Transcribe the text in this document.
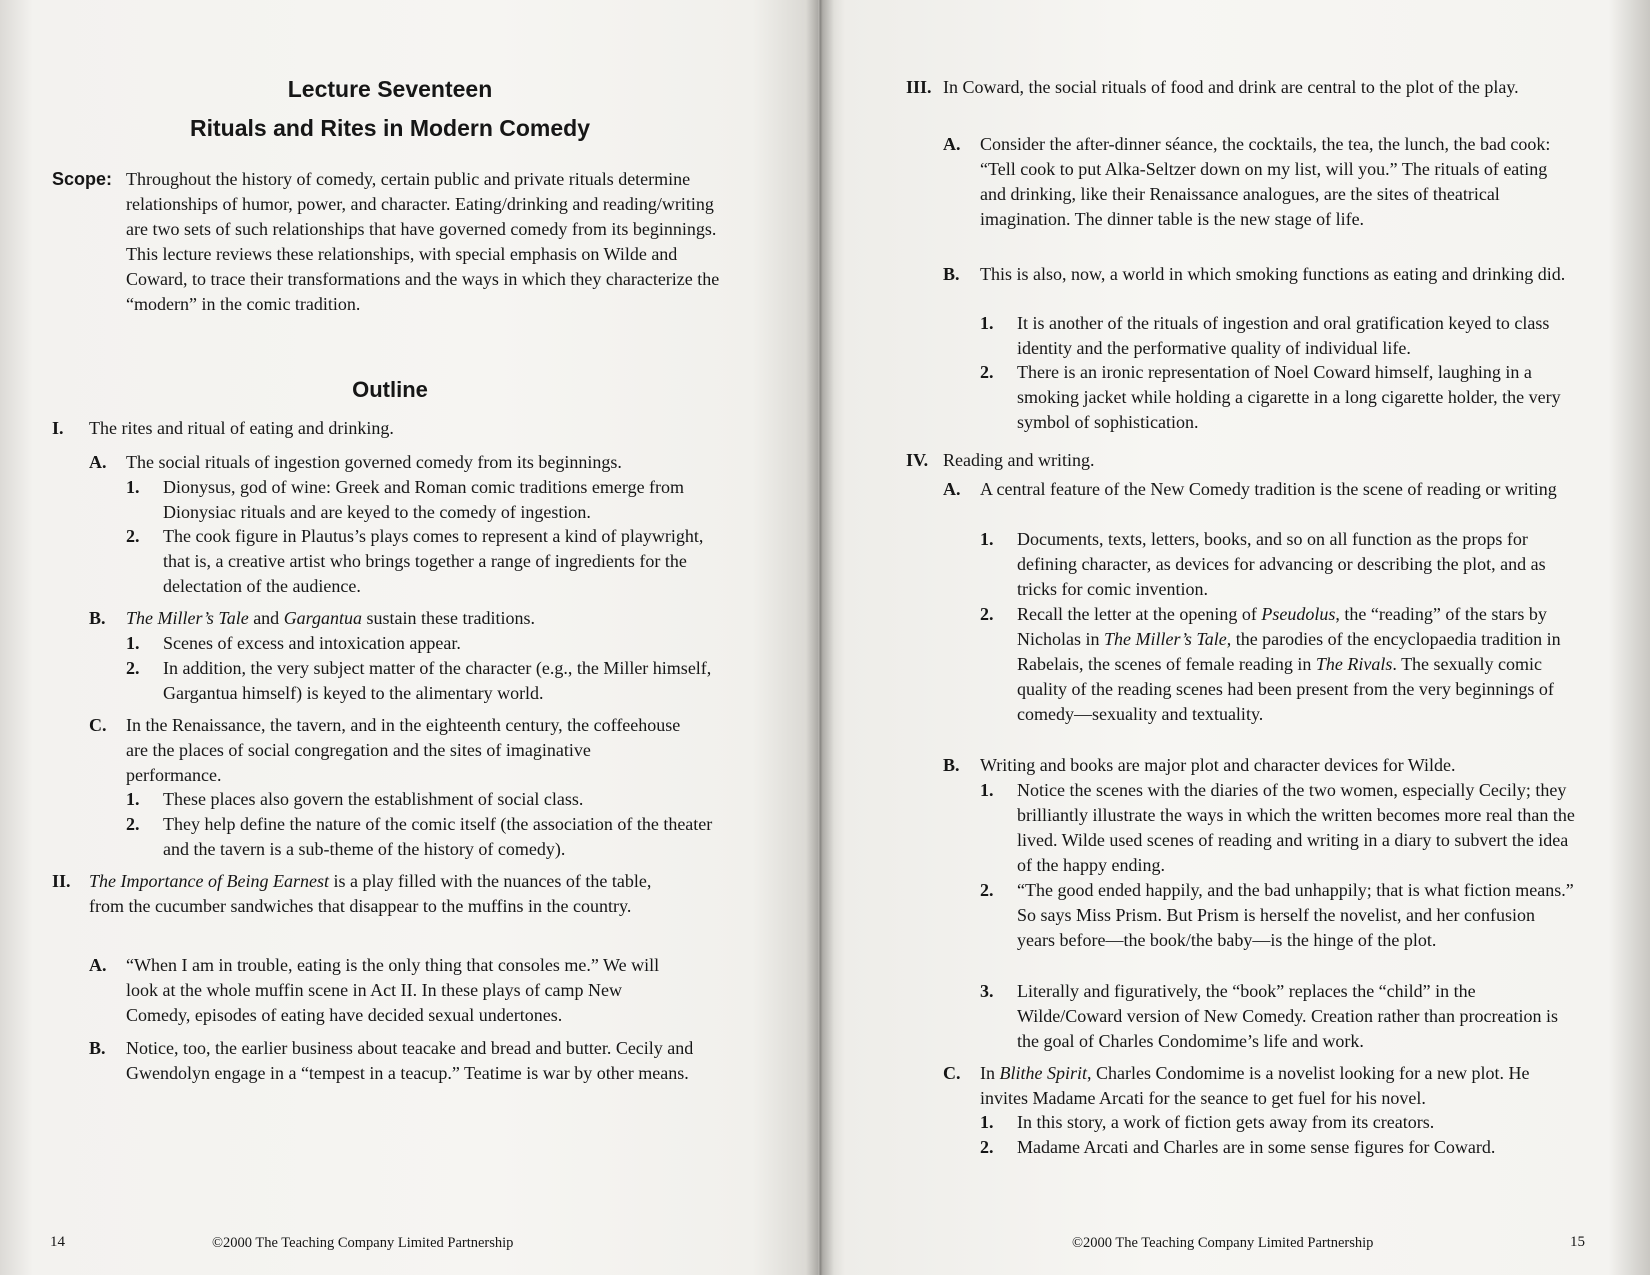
Lecture Seventeen
Rituals and Rites in Modern Comedy
Scope: Throughout the history of comedy, certain public and private rituals determine relationships of humor, power, and character. Eating/drinking and reading/writing are two sets of such relationships that have governed comedy from its beginnings. This lecture reviews these relationships, with special emphasis on Wilde and Coward, to trace their transformations and the ways in which they characterize the “modern” in the comic tradition.
Outline
I. The rites and ritual of eating and drinking.
A. The social rituals of ingestion governed comedy from its beginnings.
1. Dionysus, god of wine: Greek and Roman comic traditions emerge from Dionysiac rituals and are keyed to the comedy of ingestion.
2. The cook figure in Plautus’s plays comes to represent a kind of playwright, that is, a creative artist who brings together a range of ingredients for the delectation of the audience.
B. The Miller’s Tale and Gargantua sustain these traditions.
1. Scenes of excess and intoxication appear.
2. In addition, the very subject matter of the character (e.g., the Miller himself, Gargantua himself) is keyed to the alimentary world.
C. In the Renaissance, the tavern, and in the eighteenth century, the coffeehouse are the places of social congregation and the sites of imaginative performance.
1. These places also govern the establishment of social class.
2. They help define the nature of the comic itself (the association of the theater and the tavern is a sub-theme of the history of comedy).
II. The Importance of Being Earnest is a play filled with the nuances of the table, from the cucumber sandwiches that disappear to the muffins in the country.
A. “When I am in trouble, eating is the only thing that consoles me.” We will look at the whole muffin scene in Act II. In these plays of camp New Comedy, episodes of eating have decided sexual undertones.
B. Notice, too, the earlier business about teacake and bread and butter. Cecily and Gwendolyn engage in a “tempest in a teacup.” Teatime is war by other means.
14	©2000 The Teaching Company Limited Partnership
III. In Coward, the social rituals of food and drink are central to the plot of the play.
A. Consider the after-dinner séance, the cocktails, the tea, the lunch, the bad cook: “Tell cook to put Alka-Seltzer down on my list, will you.” The rituals of eating and drinking, like their Renaissance analogues, are the sites of theatrical imagination. The dinner table is the new stage of life.
B. This is also, now, a world in which smoking functions as eating and drinking did.
1. It is another of the rituals of ingestion and oral gratification keyed to class identity and the performative quality of individual life.
2. There is an ironic representation of Noel Coward himself, laughing in a smoking jacket while holding a cigarette in a long cigarette holder, the very symbol of sophistication.
IV. Reading and writing.
A. A central feature of the New Comedy tradition is the scene of reading or writing
1. Documents, texts, letters, books, and so on all function as the props for defining character, as devices for advancing or describing the plot, and as tricks for comic invention.
2. Recall the letter at the opening of Pseudolus, the “reading” of the stars by Nicholas in The Miller’s Tale, the parodies of the encyclopaedia tradition in Rabelais, the scenes of female reading in The Rivals. The sexually comic quality of the reading scenes had been present from the very beginnings of comedy—sexuality and textuality.
B. Writing and books are major plot and character devices for Wilde.
1. Notice the scenes with the diaries of the two women, especially Cecily; they brilliantly illustrate the ways in which the written becomes more real than the lived. Wilde used scenes of reading and writing in a diary to subvert the idea of the happy ending.
2. “The good ended happily, and the bad unhappily; that is what fiction means.” So says Miss Prism. But Prism is herself the novelist, and her confusion years before—the book/the baby—is the hinge of the plot.
3. Literally and figuratively, the “book” replaces the “child” in the Wilde/Coward version of New Comedy. Creation rather than procreation is the goal of Charles Condomime’s life and work.
C. In Blithe Spirit, Charles Condomime is a novelist looking for a new plot. He invites Madame Arcati for the seance to get fuel for his novel.
1. In this story, a work of fiction gets away from its creators.
2. Madame Arcati and Charles are in some sense figures for Coward.
©2000 The Teaching Company Limited Partnership	15
